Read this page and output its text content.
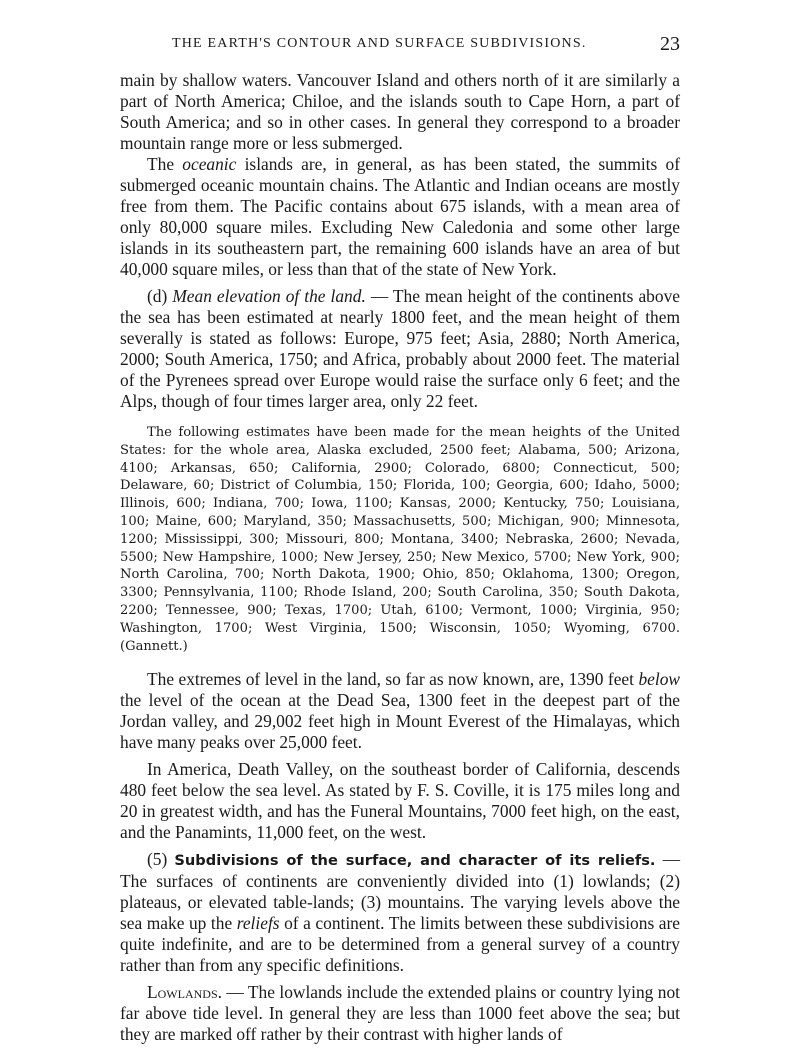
THE EARTH'S CONTOUR AND SURFACE SUBDIVISIONS.	23

main by shallow waters. Vancouver Island and others north of it are similarly a part of North America; Chiloe, and the islands south to Cape Horn, a part of South America; and so in other cases. In general they correspond to a broader mountain range more or less submerged.

The oceanic islands are, in general, as has been stated, the summits of submerged oceanic mountain chains. The Atlantic and Indian oceans are mostly free from them. The Pacific contains about 675 islands, with a mean area of only 80,000 square miles. Excluding New Caledonia and some other large islands in its southeastern part, the remaining 600 islands have an area of but 40,000 square miles, or less than that of the state of New York.

(d) Mean elevation of the land. — The mean height of the continents above the sea has been estimated at nearly 1800 feet, and the mean height of them severally is stated as follows: Europe, 975 feet; Asia, 2880; North America, 2000; South America, 1750; and Africa, probably about 2000 feet. The material of the Pyrenees spread over Europe would raise the surface only 6 feet; and the Alps, though of four times larger area, only 22 feet.

The following estimates have been made for the mean heights of the United States: for the whole area, Alaska excluded, 2500 feet; Alabama, 500; Arizona, 4100; Arkansas, 650; California, 2900; Colorado, 6800; Connecticut, 500; Delaware, 60; District of Columbia, 150; Florida, 100; Georgia, 600; Idaho, 5000; Illinois, 600; Indiana, 700; Iowa, 1100; Kansas, 2000; Kentucky, 750; Louisiana, 100; Maine, 600; Maryland, 350; Massachusetts, 500; Michigan, 900; Minnesota, 1200; Mississippi, 300; Missouri, 800; Montana, 3400; Nebraska, 2600; Nevada, 5500; New Hampshire, 1000; New Jersey, 250; New Mexico, 5700; New York, 900; North Carolina, 700; North Dakota, 1900; Ohio, 850; Oklahoma, 1300; Oregon, 3300; Pennsylvania, 1100; Rhode Island, 200; South Carolina, 350; South Dakota, 2200; Tennessee, 900; Texas, 1700; Utah, 6100; Vermont, 1000; Virginia, 950; Washington, 1700; West Virginia, 1500; Wisconsin, 1050; Wyoming, 6700. (Gannett.)

The extremes of level in the land, so far as now known, are, 1390 feet below the level of the ocean at the Dead Sea, 1300 feet in the deepest part of the Jordan valley, and 29,002 feet high in Mount Everest of the Himalayas, which have many peaks over 25,000 feet.

In America, Death Valley, on the southeast border of California, descends 480 feet below the sea level. As stated by F. S. Coville, it is 175 miles long and 20 in greatest width, and has the Funeral Mountains, 7000 feet high, on the east, and the Panamints, 11,000 feet, on the west.

(5) Subdivisions of the surface, and character of its reliefs. — The surfaces of continents are conveniently divided into (1) lowlands; (2) plateaus, or elevated table-lands; (3) mountains. The varying levels above the sea make up the reliefs of a continent. The limits between these subdivisions are quite indefinite, and are to be determined from a general survey of a country rather than from any specific definitions.

Lowlands. — The lowlands include the extended plains or country lying not far above tide level. In general they are less than 1000 feet above the sea; but they are marked off rather by their contrast with higher lands of
